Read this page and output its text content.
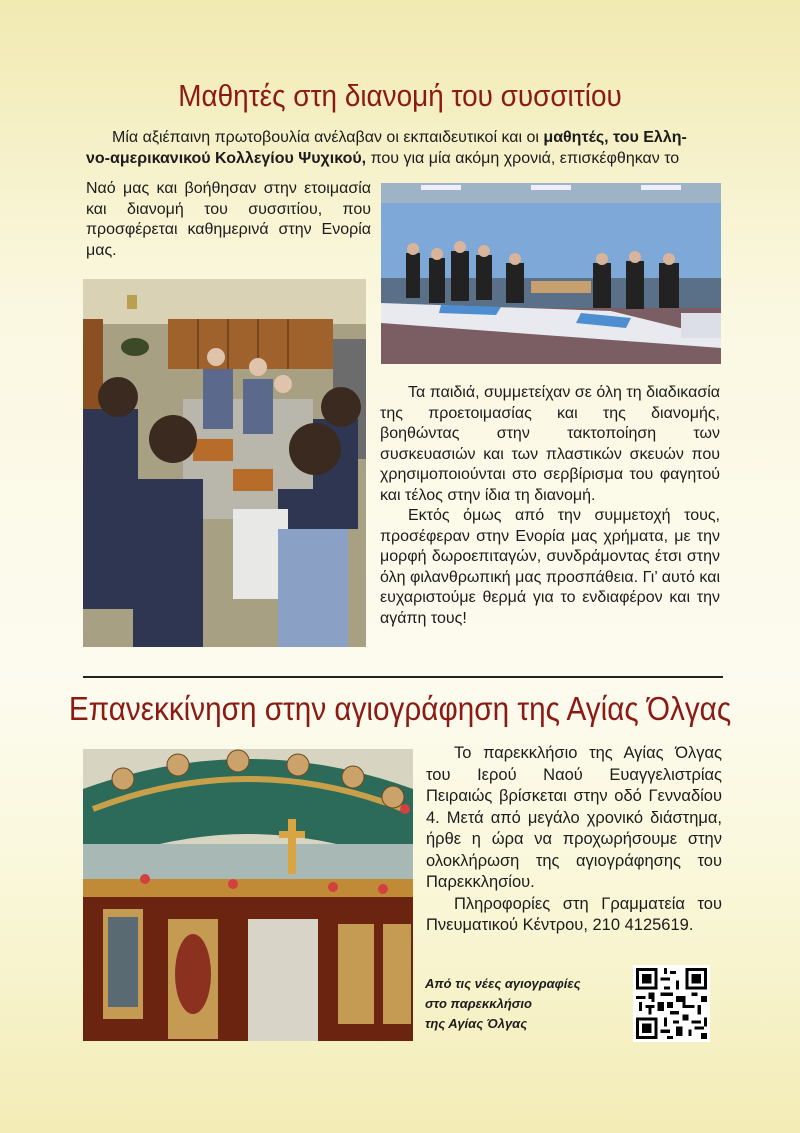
Μαθητές στη διανομή του συσσιτίου
Μία αξιέπαινη πρωτοβουλία ανέλαβαν οι εκπαιδευτικοί και οι μαθητές, του Ελλη-
νο-αμερικανικού Κολλεγίου Ψυχικού, που για μία ακόμη χρονιά, επισκέφθηκαν το
Ναό μας και βοήθησαν στην ετοιμασία και διανομή του συσσιτίου, που προσφέρεται καθημερινά στην Ενορία μας.
Τα παιδιά, συμμετείχαν σε όλη τη διαδικασία της προετοιμασίας και της διανομής, βοηθώντας στην τακτοποίηση των συσκευασιών και των πλαστικών σκευών που χρησιμοποιούνται στο σερβίρισμα του φαγητού και τέλος στην ίδια τη διανομή.
Εκτός όμως από την συμμετοχή τους, προσέφεραν στην Ενορία μας χρήματα, με την μορφή δωροεπιταγών, συνδράμοντας έτσι στην όλη φιλανθρωπική μας προσπάθεια. Γι’ αυτό και ευχαριστούμε θερμά για το ενδιαφέρον και την αγάπη τους!
Επανεκκίνηση στην αγιογράφηση της Αγίας Όλγας
Το παρεκκλήσιο της Αγίας Όλγας του Ιερού Ναού Ευαγγελιστρίας Πειραιώς βρίσκεται στην οδό Γενναδίου 4. Μετά από μεγάλο χρονικό διάστημα, ήρθε η ώρα να προχωρήσουμε στην ολοκλήρωση της αγιογράφησης του Παρεκκλησίου.
Πληροφορίες στη Γραμματεία του Πνευματικού Κέντρου, 210 4125619.
Από τις νέες αγιογραφίες
στο παρεκκλήσιο
της Αγίας Όλγας
